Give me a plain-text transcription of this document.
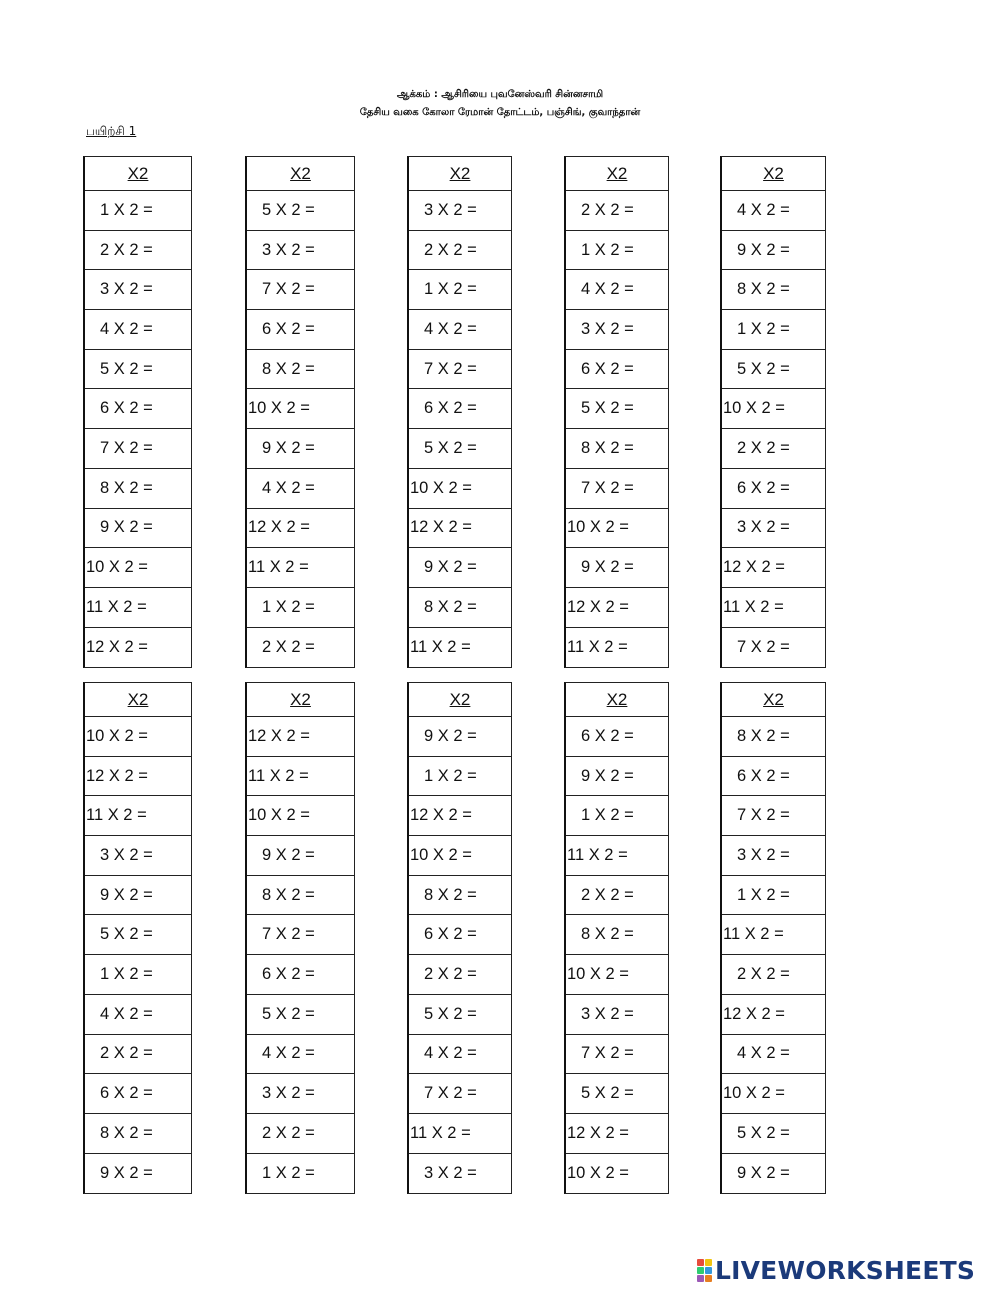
ஆக்கம் : ஆசிரியை புவனேஸ்வரி சின்னசாமி
தேசிய வகை கோலா ரேமான் தோட்டம், பஞ்சிங், குவாந்தான்
பயிற்சி 1
X2
1 X 2 =
2 X 2 =
3 X 2 =
4 X 2 =
5 X 2 =
6 X 2 =
7 X 2 =
8 X 2 =
9 X 2 =
10 X 2 =
11 X 2 =
12 X 2 =
X2
5 X 2 =
3 X 2 =
7 X 2 =
6 X 2 =
8 X 2 =
10 X 2 =
9 X 2 =
4 X 2 =
12 X 2 =
11 X 2 =
1 X 2 =
2 X 2 =
X2
3 X 2 =
2 X 2 =
1 X 2 =
4 X 2 =
7 X 2 =
6 X 2 =
5 X 2 =
10 X 2 =
12 X 2 =
9 X 2 =
8 X 2 =
11 X 2 =
X2
2 X 2 =
1 X 2 =
4 X 2 =
3 X 2 =
6 X 2 =
5 X 2 =
8 X 2 =
7 X 2 =
10 X 2 =
9 X 2 =
12 X 2 =
11 X 2 =
X2
4 X 2 =
9 X 2 =
8 X 2 =
1 X 2 =
5 X 2 =
10 X 2 =
2 X 2 =
6 X 2 =
3 X 2 =
12 X 2 =
11 X 2 =
7 X 2 =
X2
10 X 2 =
12 X 2 =
11 X 2 =
3 X 2 =
9 X 2 =
5 X 2 =
1 X 2 =
4 X 2 =
2 X 2 =
6 X 2 =
8 X 2 =
9 X 2 =
X2
12 X 2 =
11 X 2 =
10 X 2 =
9 X 2 =
8 X 2 =
7 X 2 =
6 X 2 =
5 X 2 =
4 X 2 =
3 X 2 =
2 X 2 =
1 X 2 =
X2
9 X 2 =
1 X 2 =
12 X 2 =
10 X 2 =
8 X 2 =
6 X 2 =
2 X 2 =
5 X 2 =
4 X 2 =
7 X 2 =
11 X 2 =
3 X 2 =
X2
6 X 2 =
9 X 2 =
1 X 2 =
11 X 2 =
2 X 2 =
8 X 2 =
10 X 2 =
3 X 2 =
7 X 2 =
5 X 2 =
12 X 2 =
10 X 2 =
X2
8 X 2 =
6 X 2 =
7 X 2 =
3 X 2 =
1 X 2 =
11 X 2 =
2 X 2 =
12 X 2 =
4 X 2 =
10 X 2 =
5 X 2 =
9 X 2 =
LIVEWORKSHEETS
